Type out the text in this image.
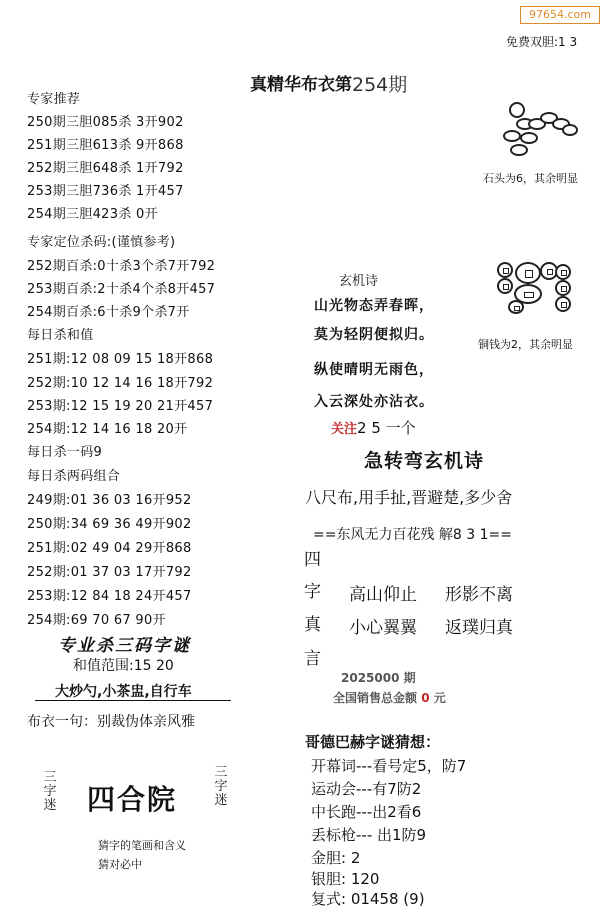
97654.com
免费双胆:1 3
真精华布衣第 254期
专家推荐
250期三胆085杀 3开902
251期三胆613杀 9开868
252期三胆648杀 1开792
253期三胆736杀 1开457
254期三胆423杀 0开
专家定位杀码:(谨慎参考)
252期百杀:0十杀3个杀7开792
253期百杀:2十杀4个杀8开457
254期百杀:6十杀9个杀7开
每日杀和值
251期:12 08 09 15 18开868
252期:10 12 14 16 18开792
253期:12 15 19 20 21开457
254期:12 14 16 18 20开
每日杀一码9
每日杀两码组合
249期:01 36 03 16开952
250期:34 69 36 49开902
251期:02 49 04 29开868
252期:01 37 03 17开792
253期:12 84 18 24开457
254期:69 70 67 90开
专业杀三码字谜
和值范围:15 20
大炒勺,小茶盅,自行车
布衣一句：别裁伪体亲风雅
三字迷 四合院
三字迷
猜字的笔画和含义
猜对必中
石头为6，其余明显
铜钱为2，其余明显
玄机诗
山光物态弄春晖，
莫为轻阴便拟归。
纵使晴明无雨色，
入云深处亦沾衣。
关注2 5 一个
急转弯玄机诗
八尺布,用手扯,晋避楚,多少舍
==东风无力百花残 解8 3 1==
四
字
真
言
高山仰止 形影不离
小心翼翼 返璞归真
2025000 期
全国销售总金额 0 元
哥德巴赫字谜猜想：
开幕词---看号定5，防7
运动会---有7防2
中长跑---出2看6
丢标枪--- 出1防9
金胆: 2
银胆: 120
复式: 01458 (9)
